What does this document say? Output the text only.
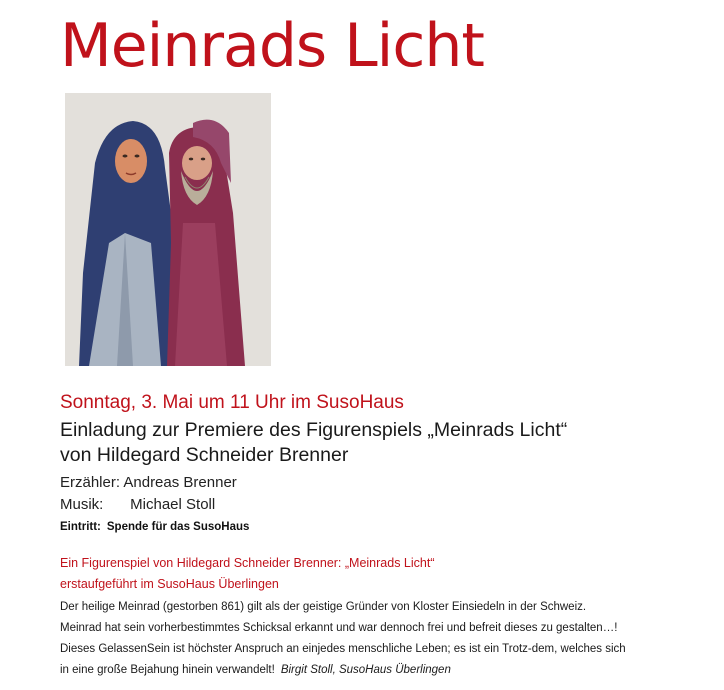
Meinrads Licht
Sonntag, 3. Mai um 11 Uhr im SusoHaus
Einladung zur Premiere des Figurenspiels „Meinrads Licht“
von Hildegard Schneider Brenner
Erzähler: Andreas Brenner
Musik: Michael Stoll
Eintritt: Spende für das SusoHaus
Ein Figurenspiel von Hildegard Schneider Brenner: „Meinrads Licht“
erstaufgeführt im SusoHaus Überlingen
Der heilige Meinrad (gestorben 861) gilt als der geistige Gründer von Kloster Einsiedeln in der Schweiz.
Meinrad hat sein vorherbestimmtes Schicksal erkannt und war dennoch frei und befreit dieses zu gestalten…!
Dieses GelassenSein ist höchster Anspruch an einjedes menschliche Leben; es ist ein Trotz-dem, welches sich
in eine große Bejahung hinein verwandelt! Birgit Stoll, SusoHaus Überlingen
